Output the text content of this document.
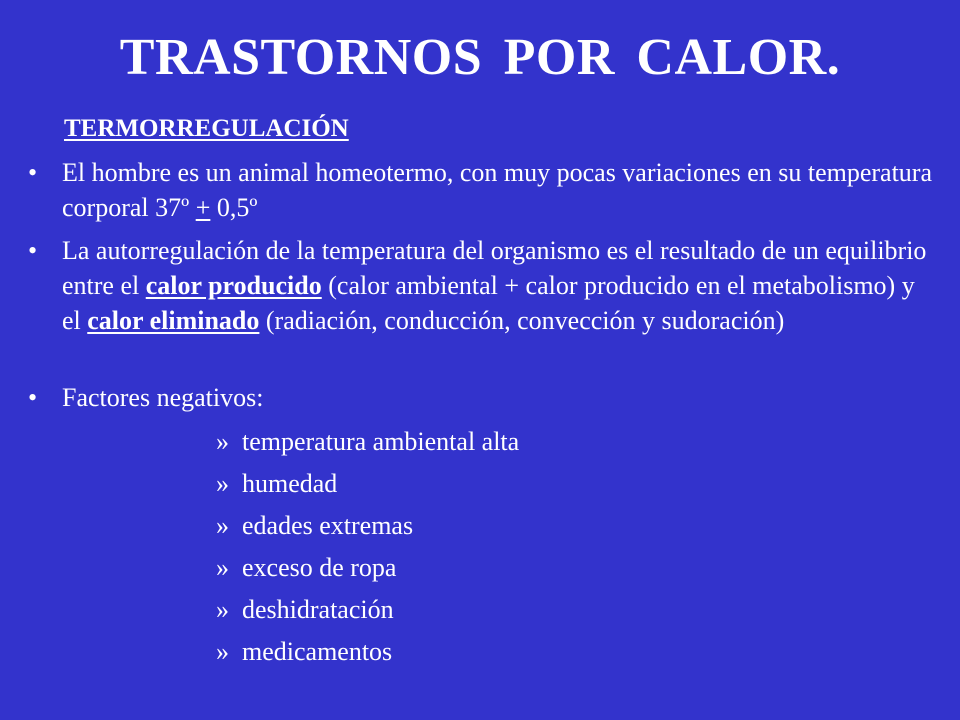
TRASTORNOS POR CALOR.
TERMORREGULACIÓN
• El hombre es un animal homeotermo, con muy pocas variaciones en su temperatura corporal 37º + 0,5º
• La autorregulación de la temperatura del organismo es el resultado de un equilibrio entre el calor producido (calor ambiental + calor producido en el metabolismo) y el calor eliminado (radiación, conducción, convección y sudoración)
• Factores negativos:
» temperatura ambiental alta
» humedad
» edades extremas
» exceso de ropa
» deshidratación
» medicamentos
